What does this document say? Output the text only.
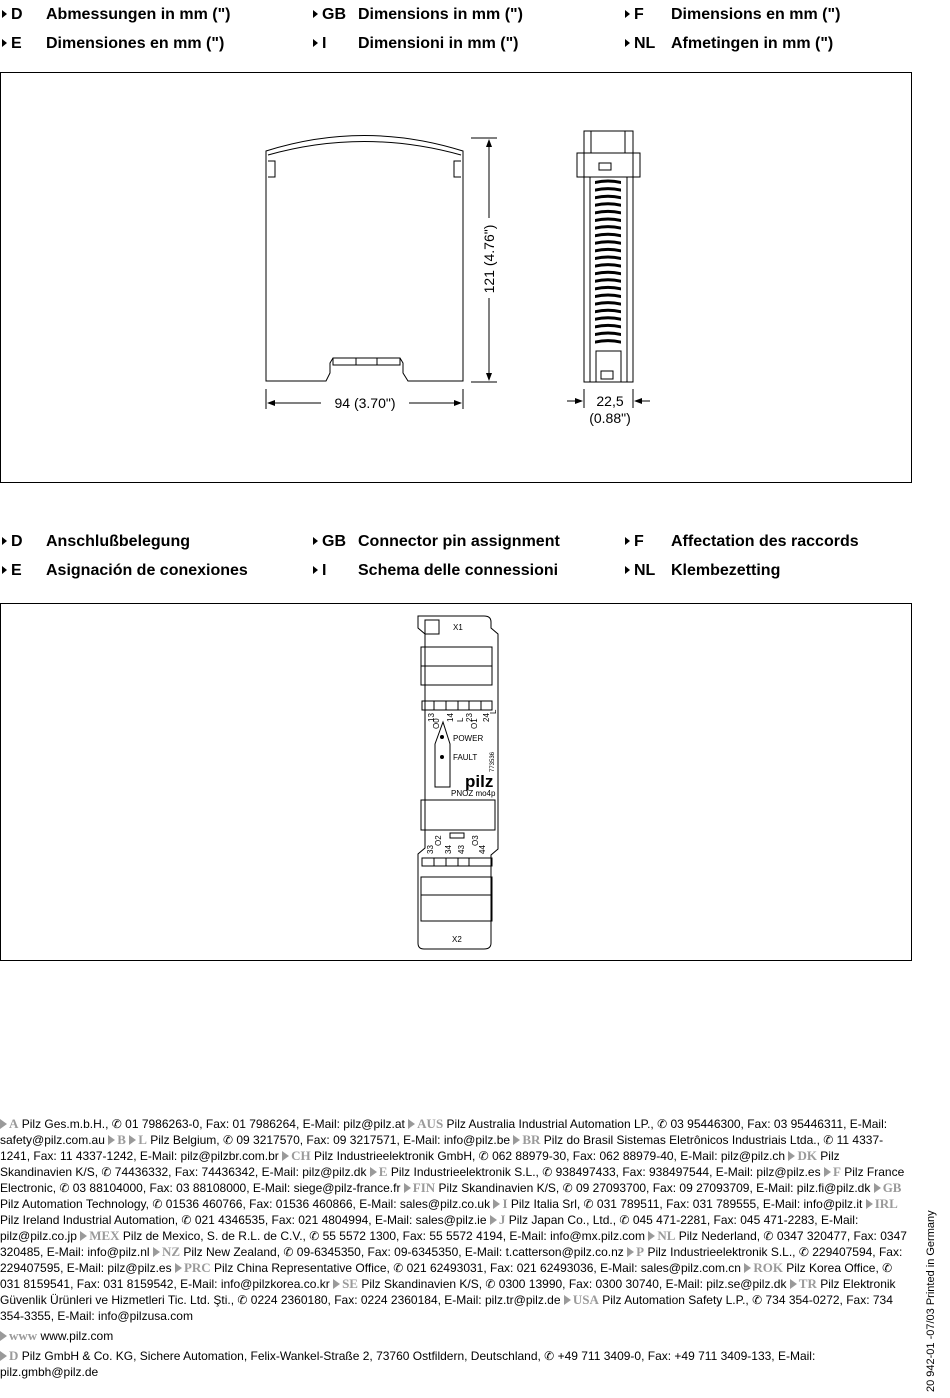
D Abmessungen in mm (")	GB Dimensions in mm (")	F Dimensions en mm (")
E Dimensiones en mm (")	I Dimensioni in mm (")	NL Afmetingen in mm (")
121 (4.76")
94 (3.70")	22,5
(0.88")
D Anschlußbelegung	GB Connector pin assignment	F Affectation des raccords
E Asignación de conexiones	I Schema delle connessioni	NL Klembezetting
X1
X2
O0	O1
13 14 L 23 24
L
POWER
FAULT 773536
pilz
PNOZ mo4p
33 34 43 44
O2	O3

A Pilz Ges.m.b.H., ✆ 01 7986263-0, Fax: 01 7986264, E-Mail: pilz@pilz.at AUS Pilz Australia Industrial Automation LP., ✆ 03 95446300, Fax: 03 95446311, E-Mail: safety@pilz.com.au B L Pilz Belgium, ✆ 09 3217570, Fax: 09 3217571, E-Mail: info@pilz.be BR Pilz do Brasil Sistemas Eletrônicos Industriais Ltda., ✆ 11 4337-1241, Fax: 11 4337-1242, E-Mail: pilz@pilzbr.com.br CH Pilz Industrieelektronik GmbH, ✆ 062 88979-30, Fax: 062 88979-40, E-Mail: pilz@pilz.ch DK Pilz Skandinavien K/S, ✆ 74436332, Fax: 74436342, E-Mail: pilz@pilz.dk E Pilz Industrieelektronik S.L., ✆ 938497433, Fax: 938497544, E-Mail: pilz@pilz.es F Pilz France Electronic, ✆ 03 88104000, Fax: 03 88108000, E-Mail: siege@pilz-france.fr FIN Pilz Skandinavien K/S, ✆ 09 27093700, Fax: 09 27093709, E-Mail: pilz.fi@pilz.dk GB Pilz Automation Technology, ✆ 01536 460766, Fax: 01536 460866, E-Mail: sales@pilz.co.uk I Pilz Italia Srl, ✆ 031 789511, Fax: 031 789555, E-Mail: info@pilz.it IRL Pilz Ireland Industrial Automation, ✆ 021 4346535, Fax: 021 4804994, E-Mail: sales@pilz.ie J Pilz Japan Co., Ltd., ✆ 045 471-2281, Fax: 045 471-2283, E-Mail: pilz@pilz.co.jp MEX Pilz de Mexico, S. de R.L. de C.V., ✆ 55 5572 1300, Fax: 55 5572 4194, E-Mail: info@mx.pilz.com NL Pilz Nederland, ✆ 0347 320477, Fax: 0347 320485, E-Mail: info@pilz.nl NZ Pilz New Zealand, ✆ 09-6345350, Fax: 09-6345350, E-Mail: t.catterson@pilz.co.nz P Pilz Industrieelektronik S.L., ✆ 229407594, Fax: 229407595, E-Mail: pilz@pilz.es PRC Pilz China Representative Office, ✆ 021 62493031, Fax: 021 62493036, E-Mail: sales@pilz.com.cn ROK Pilz Korea Office, ✆ 031 8159541, Fax: 031 8159542, E-Mail: info@pilzkorea.co.kr SE Pilz Skandinavien K/S, ✆ 0300 13990, Fax: 0300 30740, E-Mail: pilz.se@pilz.dk TR Pilz Elektronik Güvenlik Ürünleri ve Hizmetleri Tic. Ltd. Şti., ✆ 0224 2360180, Fax: 0224 2360184, E-Mail: pilz.tr@pilz.de USA Pilz Automation Safety L.P., ✆ 734 354-0272, Fax: 734 354-3355, E-Mail: info@pilzusa.com

www www.pilz.com

D Pilz GmbH & Co. KG, Sichere Automation, Felix-Wankel-Straße 2, 73760 Ostfildern, Deutschland, ✆ +49 711 3409-0, Fax: +49 711 3409-133, E-Mail: pilz.gmbh@pilz.de	20 942-01 -07/03 Printed in Germany
